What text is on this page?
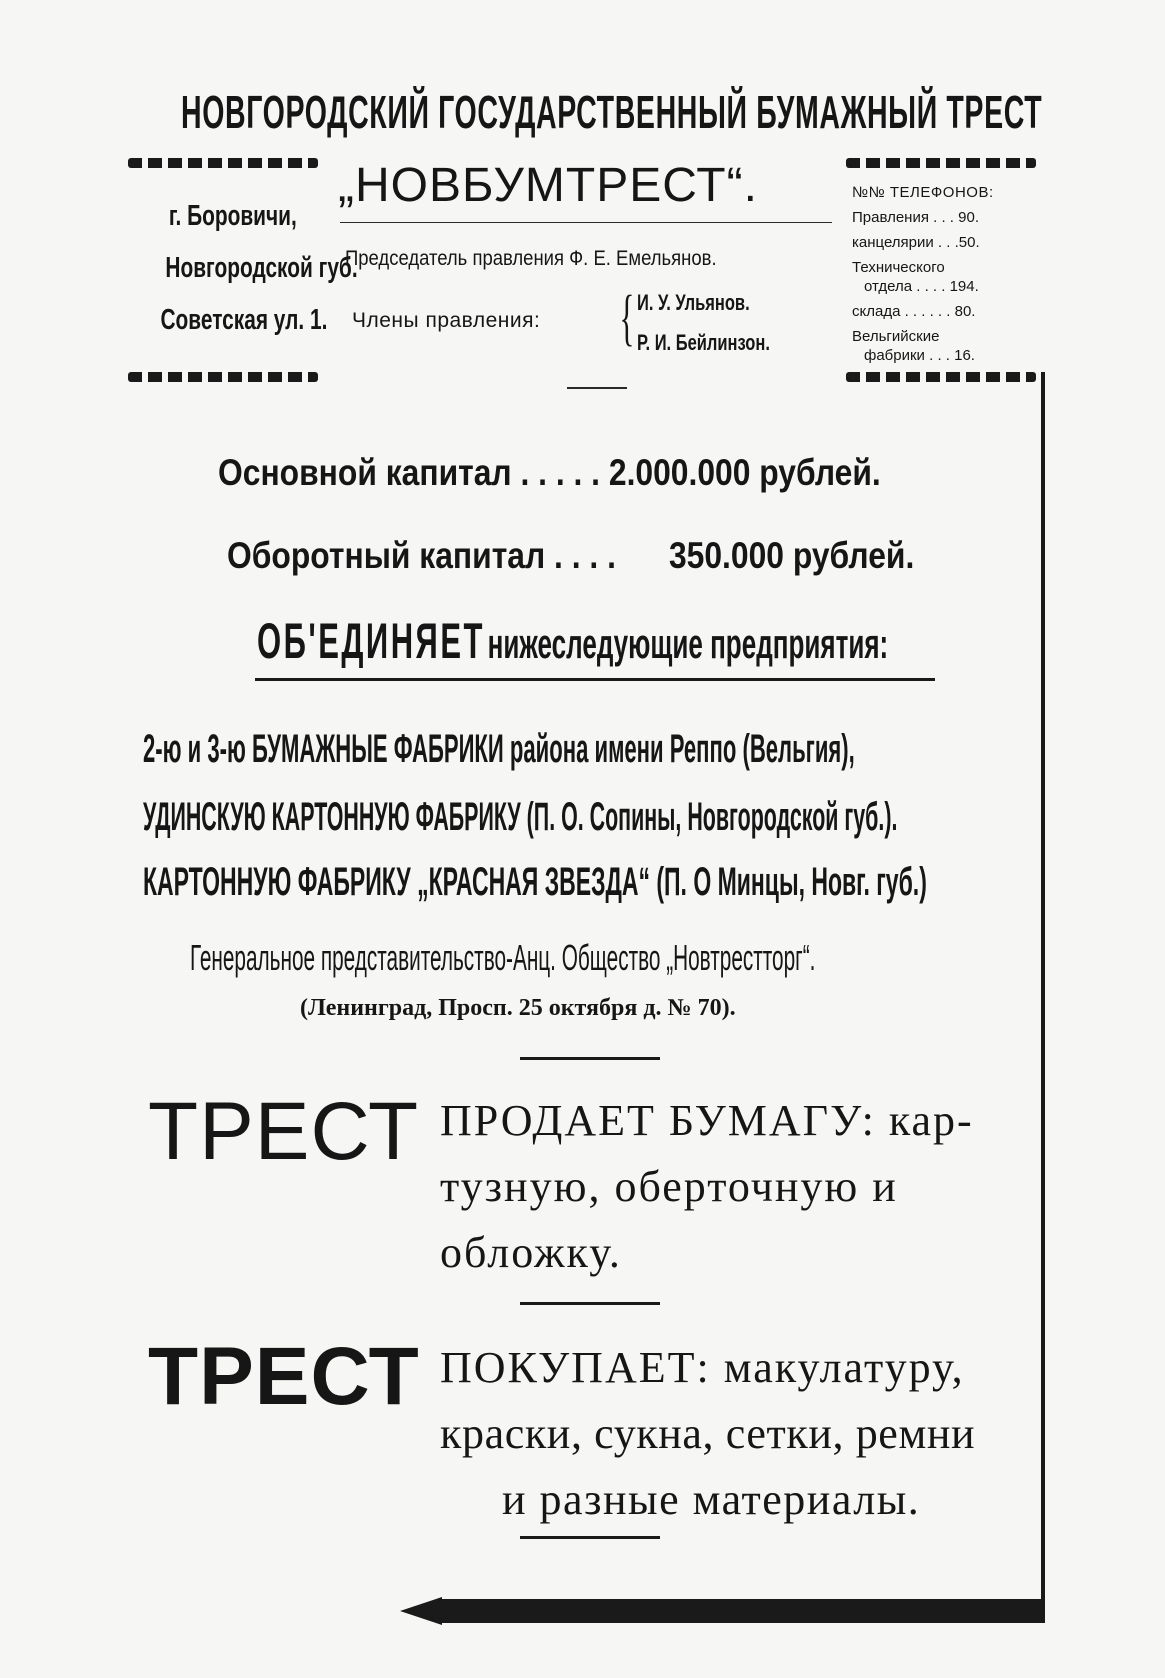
НОВГОРОДСКИЙ ГОСУДАРСТВЕННЫЙ БУМАЖНЫЙ ТРЕСТ
„НОВБУМТРЕСТ“.
г. Боровичи,
Новгородской губ.
Советская ул. 1.
Председатель правления Ф. Е. Емельянов.
Члены правления: { И. У. Ульянов.
Р. И. Бейлинзон.
№№ ТЕЛЕФОНОВ:
Правления . . . 90.
канцелярии . . .50.
Технического
отдела . . . . 194.
склада . . . . . . 80.
Вельгийские
фабрики . . . 16.
Основной капитал . . . . . 2.000.000 рублей.

Оборотный капитал . . . .      350.000 рублей.

ОБ'ЕДИНЯЕТ нижеследующие предприятия:
2-ю и 3-ю БУМАЖНЫЕ ФАБРИКИ района имени Реппо (Вельгия),
УДИНСКУЮ КАРТОННУЮ ФАБРИКУ (П. О. Сопины, Новгородской губ.).
КАРТОННУЮ ФАБРИКУ „КРАСНАЯ ЗВЕЗДА“ (П. О Минцы, Новг. губ.)
Генеральное представительство-Анц. Общество „Новтрестторг“.
(Ленинград, Просп. 25 октября д. № 70).
ТРЕСТ ПРОДАЕТ БУМАГУ: кар-
тузную, оберточную и
обложку.
ТРЕСТ ПОКУПАЕТ: макулатуру,
краски, сукна, сетки, ремни
и разные материалы.
